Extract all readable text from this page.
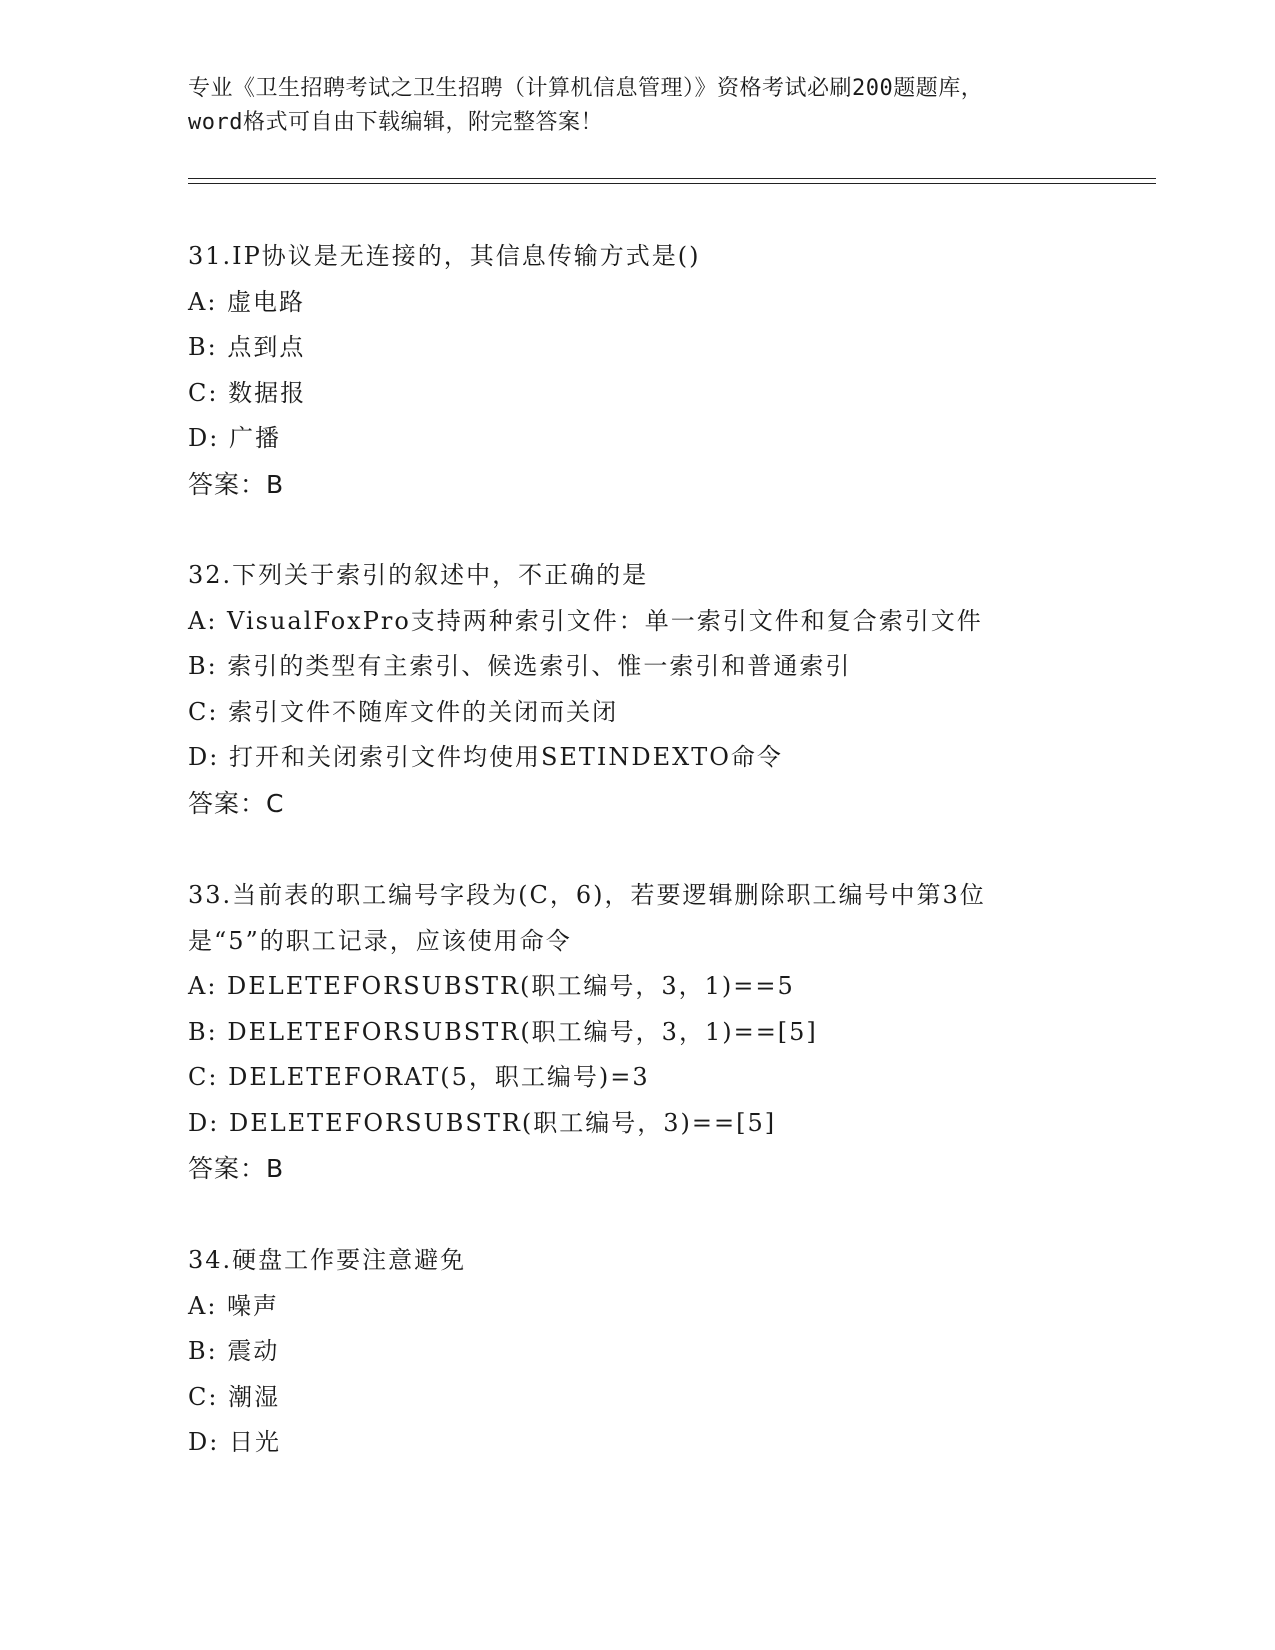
专业《卫生招聘考试之卫生招聘（计算机信息管理）》资格考试必刷200题题库，
word格式可自由下载编辑，附完整答案！
31.IP协议是无连接的，其信息传输方式是()
A: 虚电路
B: 点到点
C: 数据报
D: 广播
答案：B
32.下列关于索引的叙述中，不正确的是
A: VisualFoxPro支持两种索引文件：单一索引文件和复合索引文件
B: 索引的类型有主索引、候选索引、惟一索引和普通索引
C: 索引文件不随库文件的关闭而关闭
D: 打开和关闭索引文件均使用SETINDEXTO命令
答案：C
33.当前表的职工编号字段为(C，6)，若要逻辑删除职工编号中第3位是“5”的职工记录，应该使用命令
A: DELETEFORSUBSTR(职工编号，3，1)==5
B: DELETEFORSUBSTR(职工编号，3，1)==[5]
C: DELETEFORAT(5，职工编号)=3
D: DELETEFORSUBSTR(职工编号，3)==[5]
答案：B
34.硬盘工作要注意避免
A: 噪声
B: 震动
C: 潮湿
D: 日光
